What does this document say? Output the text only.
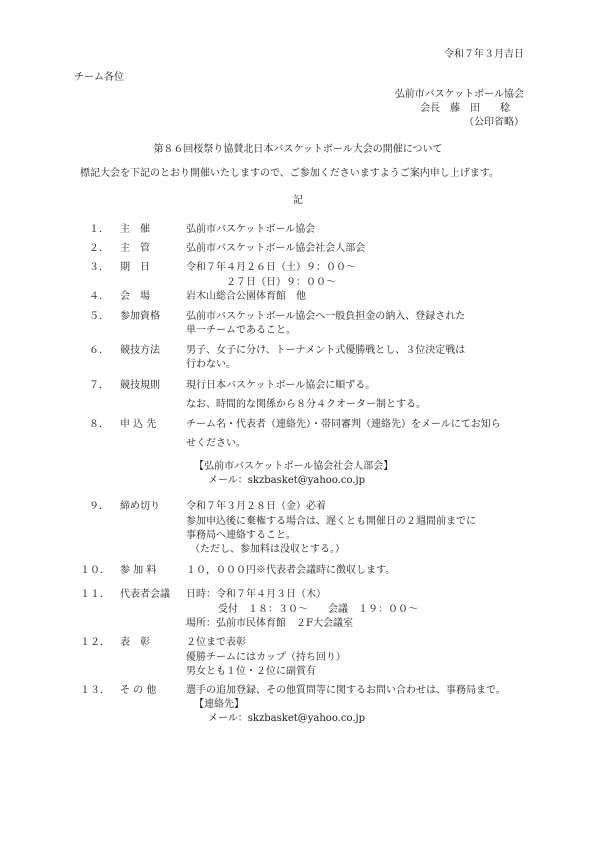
令和７年３月吉日
チーム各位
弘前市バスケットボール協会
会長　藤　田　　稔
（公印省略）
第８６回桜祭り協賛北日本バスケットボール大会の開催について
標記大会を下記のとおり開催いたしますので、ご参加くださいますようご案内申し上げます。
記
１． 主　催	弘前市バスケットボール協会
２． 主　管	弘前市バスケットボール協会社会人部会
３． 期　日	令和７年４月２６日（土）９：００～
２７日（日）９：００～
４． 会　場	岩木山総合公園体育館　他
５． 参加資格	弘前市バスケットボール協会へ一般負担金の納入、登録された
単一チームであること。
６． 競技方法	男子、女子に分け、トーナメント式優勝戦とし、３位決定戦は
行わない。
７． 競技規則	現行日本バスケットボール協会に順ずる。
なお、時間的な関係から８分４クオーター制とする。
８． 申 込 先	チーム名・代表者（連絡先）・帯同審判（連絡先）をメールにてお知ら
せください。
【弘前市バスケットボール協会社会人部会】
メール：skzbasket@yahoo.co.jp
９． 締め切り	令和７年３月２８日（金）必着
参加申込後に棄権する場合は、遅くとも開催日の２週間前までに
事務局へ連絡すること。
（ただし、参加料は没収とする。）
１０． 参 加 料	１０，０００円※代表者会議時に徴収します。
１１． 代表者会議 日時：令和７年４月３日（木）
受付　１８：３０～　　会議　１９：００～
場所：弘前市民体育館　２F大会議室
１２． 表　彰	２位まで表彰
優勝チームにはカップ（持ち回り）
男女とも１位・２位に副賞有
１３． そ の 他	選手の追加登録、その他質問等に関するお問い合わせは、事務局まで。
【連絡先】
メール：skzbasket@yahoo.co.jp
